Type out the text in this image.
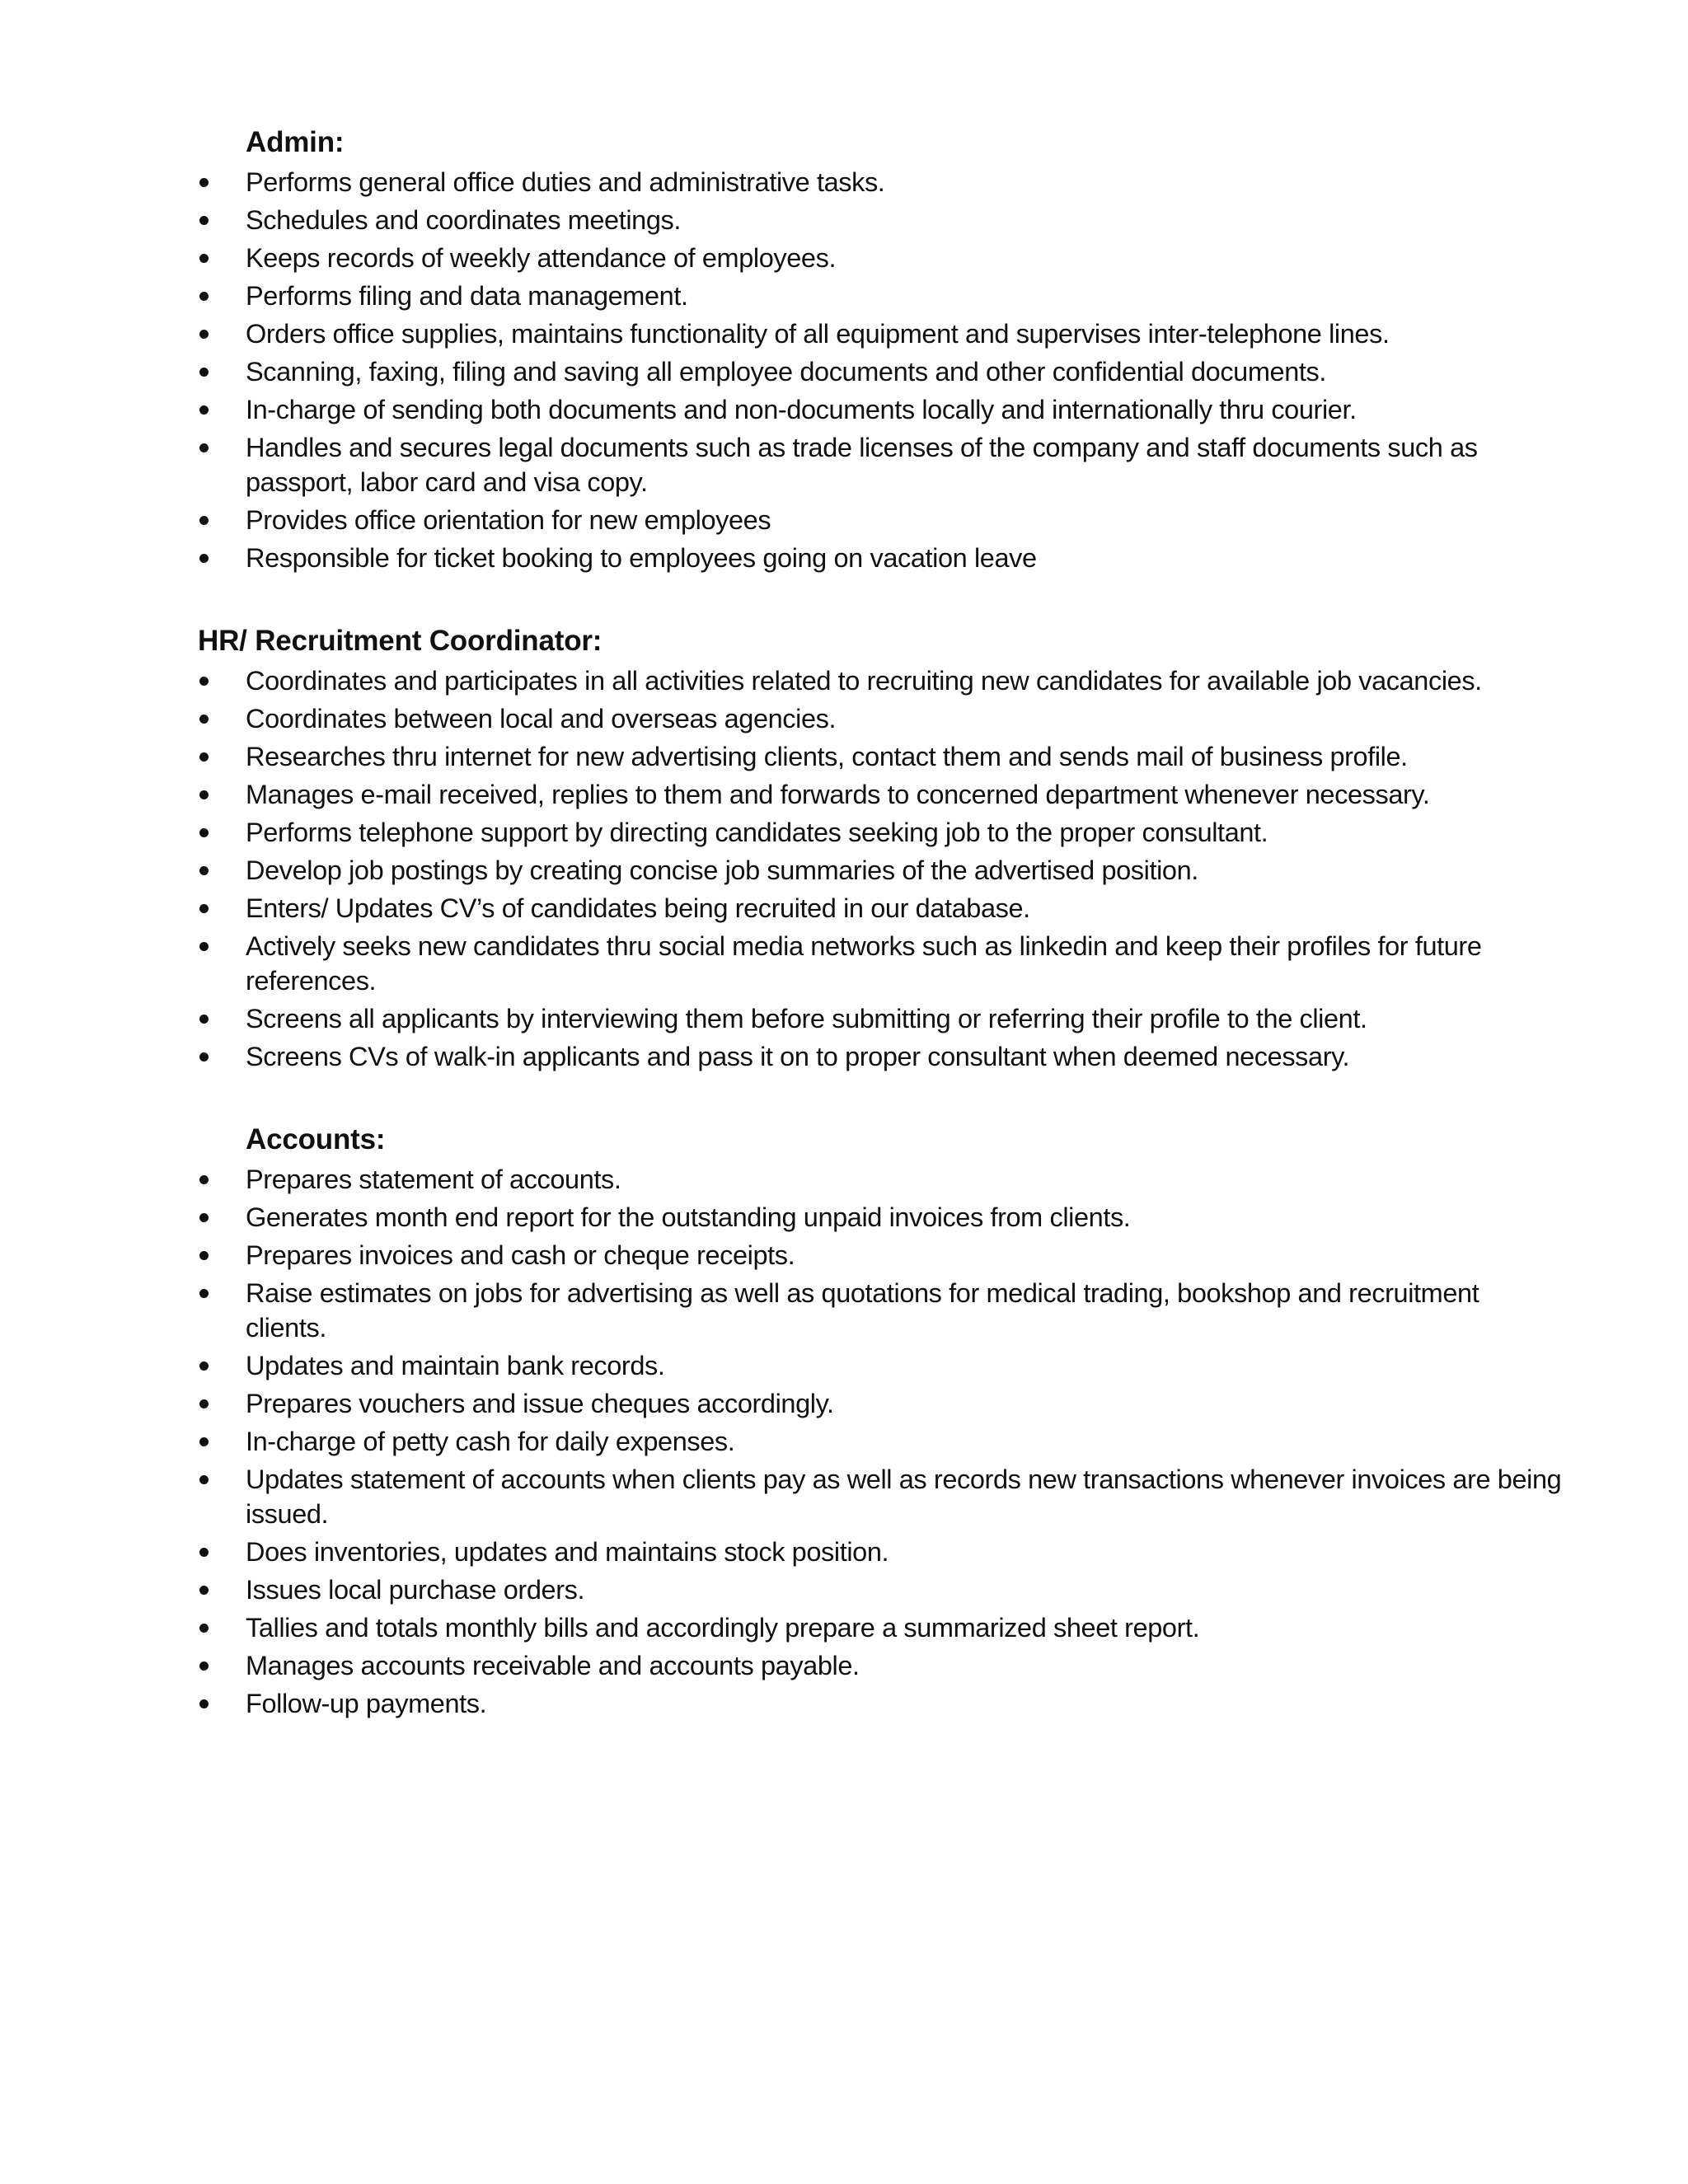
Admin:
Performs general office duties and administrative tasks.
Schedules and coordinates meetings.
Keeps records of weekly attendance of employees.
Performs filing and data management.
Orders office supplies, maintains functionality of all equipment and supervises inter-telephone lines.
Scanning, faxing, filing and saving all employee documents and other confidential documents.
In-charge of sending both documents and non-documents locally and internationally thru courier.
Handles and secures legal documents such as trade licenses of the company and staff documents such as passport, labor card and visa copy.
Provides office orientation for new employees
Responsible for ticket booking to employees going on vacation leave
HR/ Recruitment Coordinator:
Coordinates and participates in all activities related to recruiting new candidates for available job vacancies.
Coordinates between local and overseas agencies.
Researches thru internet for new advertising clients, contact them and sends mail of business profile.
Manages e-mail received, replies to them and forwards to concerned department whenever necessary.
Performs telephone support by directing candidates seeking job to the proper consultant.
Develop job postings by creating concise job summaries of the advertised position.
Enters/ Updates CV’s of candidates being recruited in our database.
Actively seeks new candidates thru social media networks such as linkedin and keep their profiles for future references.
Screens all applicants by interviewing them before submitting or referring their profile to the client.
Screens CVs of walk-in applicants and pass it on to proper consultant when deemed necessary.
Accounts:
Prepares statement of accounts.
Generates month end report for the outstanding unpaid invoices from clients.
Prepares invoices and cash or cheque receipts.
Raise estimates on jobs for advertising as well as quotations for medical trading, bookshop and recruitment clients.
Updates and maintain bank records.
Prepares vouchers and issue cheques accordingly.
In-charge of petty cash for daily expenses.
Updates statement of accounts when clients pay as well as records new transactions whenever invoices are being issued.
Does inventories, updates and maintains stock position.
Issues local purchase orders.
Tallies and totals monthly bills and accordingly prepare a summarized sheet report.
Manages accounts receivable and accounts payable.
Follow-up payments.
